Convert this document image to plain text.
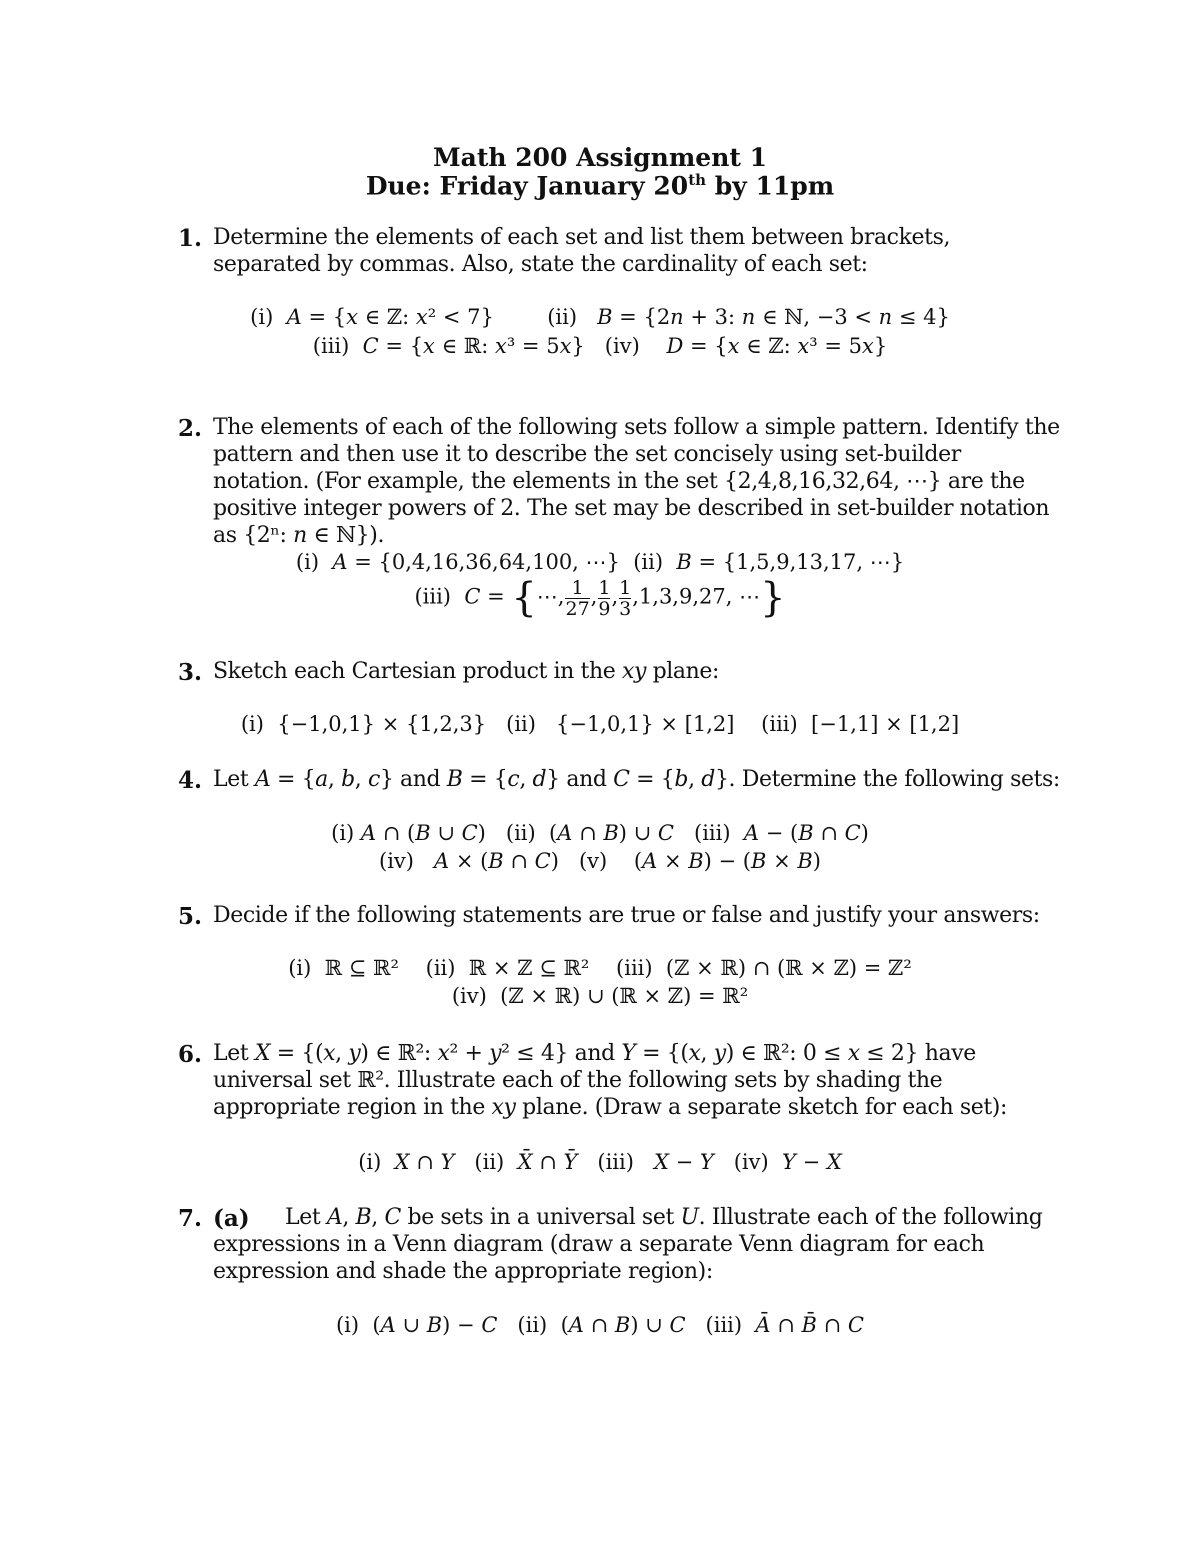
Math 200 Assignment 1
Due: Friday January 20th by 11pm
1. Determine the elements of each set and list them between brackets, separated by commas. Also, state the cardinality of each set:
(i)  𝐴 = {𝑥 ∈ ℤ: 𝑥² < 7}        (ii)   𝐵 = {2𝑛 + 3: 𝑛 ∈ ℕ, −3 < 𝑛 ≤ 4}
(iii)  𝐶 = {𝑥 ∈ ℝ: 𝑥³ = 5𝑥}   (iv)    𝐷 = {𝑥 ∈ ℤ: 𝑥³ = 5𝑥}
2. The elements of each of the following sets follow a simple pattern. Identify the pattern and then use it to describe the set concisely using set-builder notation. (For example, the elements in the set {2,4,8,16,32,64, ⋯} are the positive integer powers of 2. The set may be described in set-builder notation as {2ⁿ: 𝑛 ∈ ℕ}).
(i)  𝐴 = {0,4,16,36,64,100, ⋯}  (ii)  𝐵 = {1,5,9,13,17, ⋯}
(iii)  𝐶 = {⋯, $\frac{1}{27}$ , $\frac{1}{9}$ , $\frac{1}{3} ,1,3,9,27$, ⋯}
3. Sketch each Cartesian product in the 𝑥𝑦 plane:
(i)  {−1,0,1} × {1,2,3}   (ii)   {−1,0,1} × [1,2]    (iii)  [−1,1] × [1,2]
4. Let 𝐴 = {𝑎, 𝑏, 𝑐} and 𝐵 = {𝑐, 𝑑} and 𝐶 = {𝑏, 𝑑}. Determine the following sets:
(i) 𝐴 ∩ (𝐵 ∪ 𝐶)   (ii)  (𝐴 ∩ 𝐵) ∪ 𝐶   (iii)  𝐴 − (𝐵 ∩ 𝐶)
(iv)   𝐴 × (𝐵 ∩ 𝐶)   (v)    (𝐴 × 𝐵) − (𝐵 × 𝐵)
5. Decide if the following statements are true or false and justify your answers:
(i)  ℝ ⊆ ℝ²    (ii)  ℝ × ℤ ⊆ ℝ²    (iii)  (ℤ × ℝ) ∩ (ℝ × ℤ) = ℤ²
(iv)  (ℤ × ℝ) ∪ (ℝ × ℤ) = ℝ²
6. Let 𝑋 = {(𝑥, 𝑦) ∈ ℝ²: 𝑥² + 𝑦² ≤ 4} and 𝑌 = {(𝑥, 𝑦) ∈ ℝ²: 0 ≤ 𝑥 ≤ 2} have universal set ℝ². Illustrate each of the following sets by shading the appropriate region in the 𝑥𝑦 plane. (Draw a separate sketch for each set):
(i)  𝑋 ∩ 𝑌   (ii)  𝑋̄ ∩ 𝑌̄   (iii)   𝑋 − 𝑌   (iv)  𝑌 − 𝑋
7. (a)	Let 𝐴, 𝐵, 𝐶 be sets in a universal set 𝑈. Illustrate each of the following expressions in a Venn diagram (draw a separate Venn diagram for each expression and shade the appropriate region):
(i)  (𝐴 ∪ 𝐵) − 𝐶   (ii)  (𝐴 ∩ 𝐵) ∪ 𝐶   (iii)  𝐴̄ ∩ 𝐵̄ ∩ 𝐶
